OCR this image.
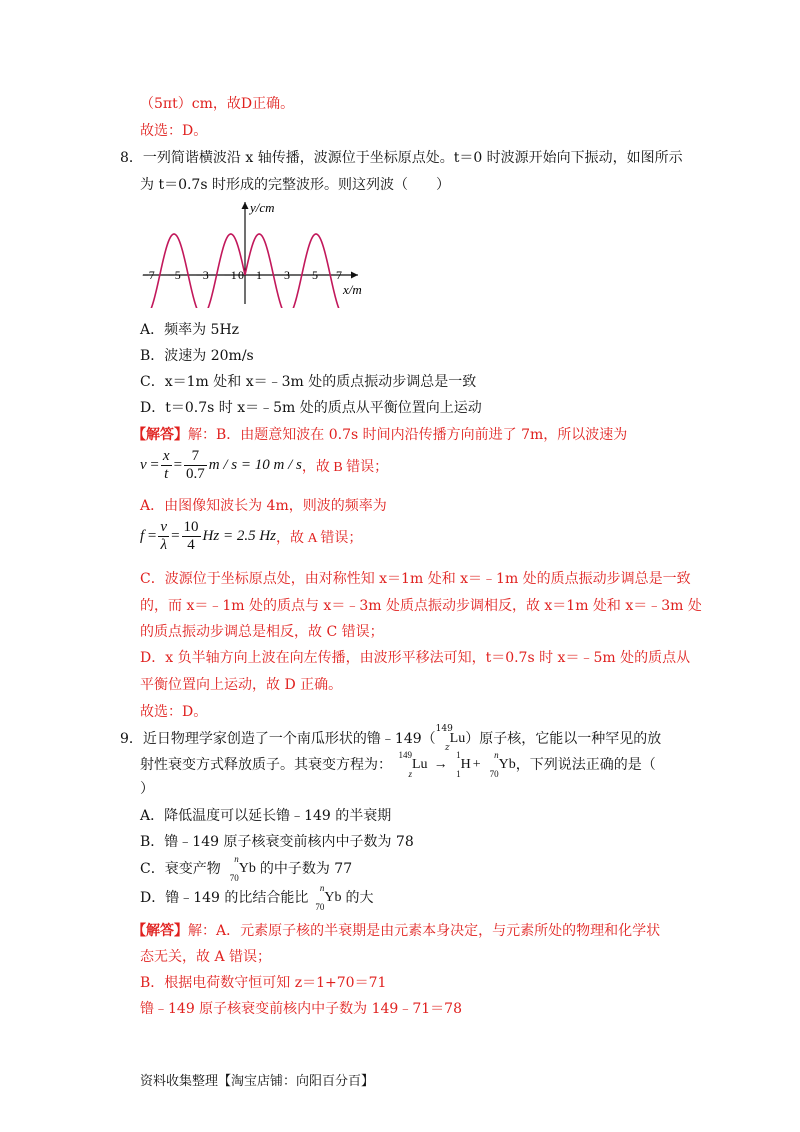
（5πt）cm，故D正确。
故选：D。
8．一列简谐横波沿 x 轴传播，波源位于坐标原点处。t＝0 时波源开始向下振动，如图所示
为 t＝0.7s 时形成的完整波形。则这列波（　　）
y/cm
x/m
−7 −5 −3 −1 0 1 3 5 7
A．频率为 5Hz
B．波速为 20m/s
C．x＝1m 处和 x＝﹣3m 处的质点振动步调总是一致
D．t＝0.7s 时 x＝﹣5m 处的质点从平衡位置向上运动
【解答】解：B．由题意知波在 0.7s 时间内沿传播方向前进了 7m，所以波速为
v
= $\frac{x}{t} = \frac{7}{0.7}$ m / s = 10 m / s ，故 B 错误；
A．由图像知波长为 4m，则波的频率为
$f = \frac{v}{\lambda} = \frac{10}{4}$ Hz = 2.5 Hz ，故 A 错误；
C．波源位于坐标原点处，由对称性知 x＝1m 处和 x＝﹣1m 处的质点振动步调总是一致
的，而 x＝﹣1m 处的质点与 x＝﹣3m 处质点振动步调相反，故 x＝1m 处和 x＝﹣3m 处
的质点振动步调总是相反，故 C 错误；
D．x 负半轴方向上波在向左传播，由波形平移法可知，t＝0.7s 时 x＝﹣5m 处的质点从
平衡位置向上运动，故 D 正确。
故选：D。
9．近日物理学家创造了一个南瓜形状的镥﹣149（
149
z
Lu ）原子核，它能以一种罕见的放
射性衰变方式释放质子。其衰变方程为：
149
z
Lu →
1
1
H +
n
70
Yb ，下列说法正确的是（
）
A．降低温度可以延长镥﹣149 的半衰期
B．镥﹣149 原子核衰变前核内中子数为 78
C．衰变产物
n
70
Yb 的中子数为 77
D．镥﹣149 的比结合能比
n
70
Yb 的大
【解答】解：A．元素原子核的半衰期是由元素本身决定，与元素所处的物理和化学状
态无关，故 A 错误；
B．根据电荷数守恒可知 z＝1+70＝71
镥﹣149 原子核衰变前核内中子数为 149﹣71＝78
资料收集整理【淘宝店铺：向阳百分百】
